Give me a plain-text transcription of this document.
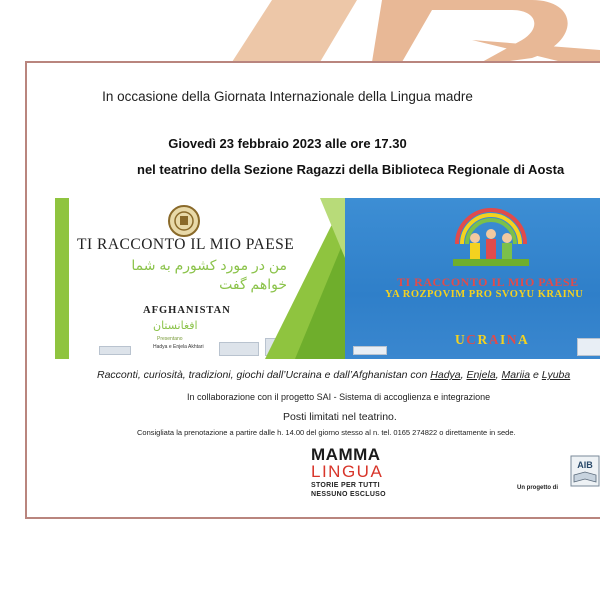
In occasione della Giornata Internazionale della Lingua madre
Giovedì 23 febbraio 2023 alle ore 17.30
nel teatrino della Sezione Ragazzi della Biblioteca Regionale di Aosta
TI RACCONTO IL MIO PAESE
من در مورد کشورم به شما
خواهم گفت
AFGHANISTAN
افغانستان
Presentano
Hadya e Enjela Akhtari
TI RACCONTO IL MIO PAESE
YA ROZPOVIM PRO SVOYU KRAINU
UCRAINA
Racconti, curiosità, tradizioni, giochi dall’Ucraina e dall’Afghanistan con Hadya, Enjela, Mariia e Lyuba
In collaborazione con il progetto SAI - Sistema di accoglienza e integrazione
Posti limitati nel teatrino.
Consigliata la prenotazione a partire dalle h. 14.00 del giorno stesso al n. tel. 0165 274822 o direttamente in sede.
MAMMA
LINGUA
STORIE PER TUTTI
NESSUNO ESCLUSO
Un progetto di
AIB
